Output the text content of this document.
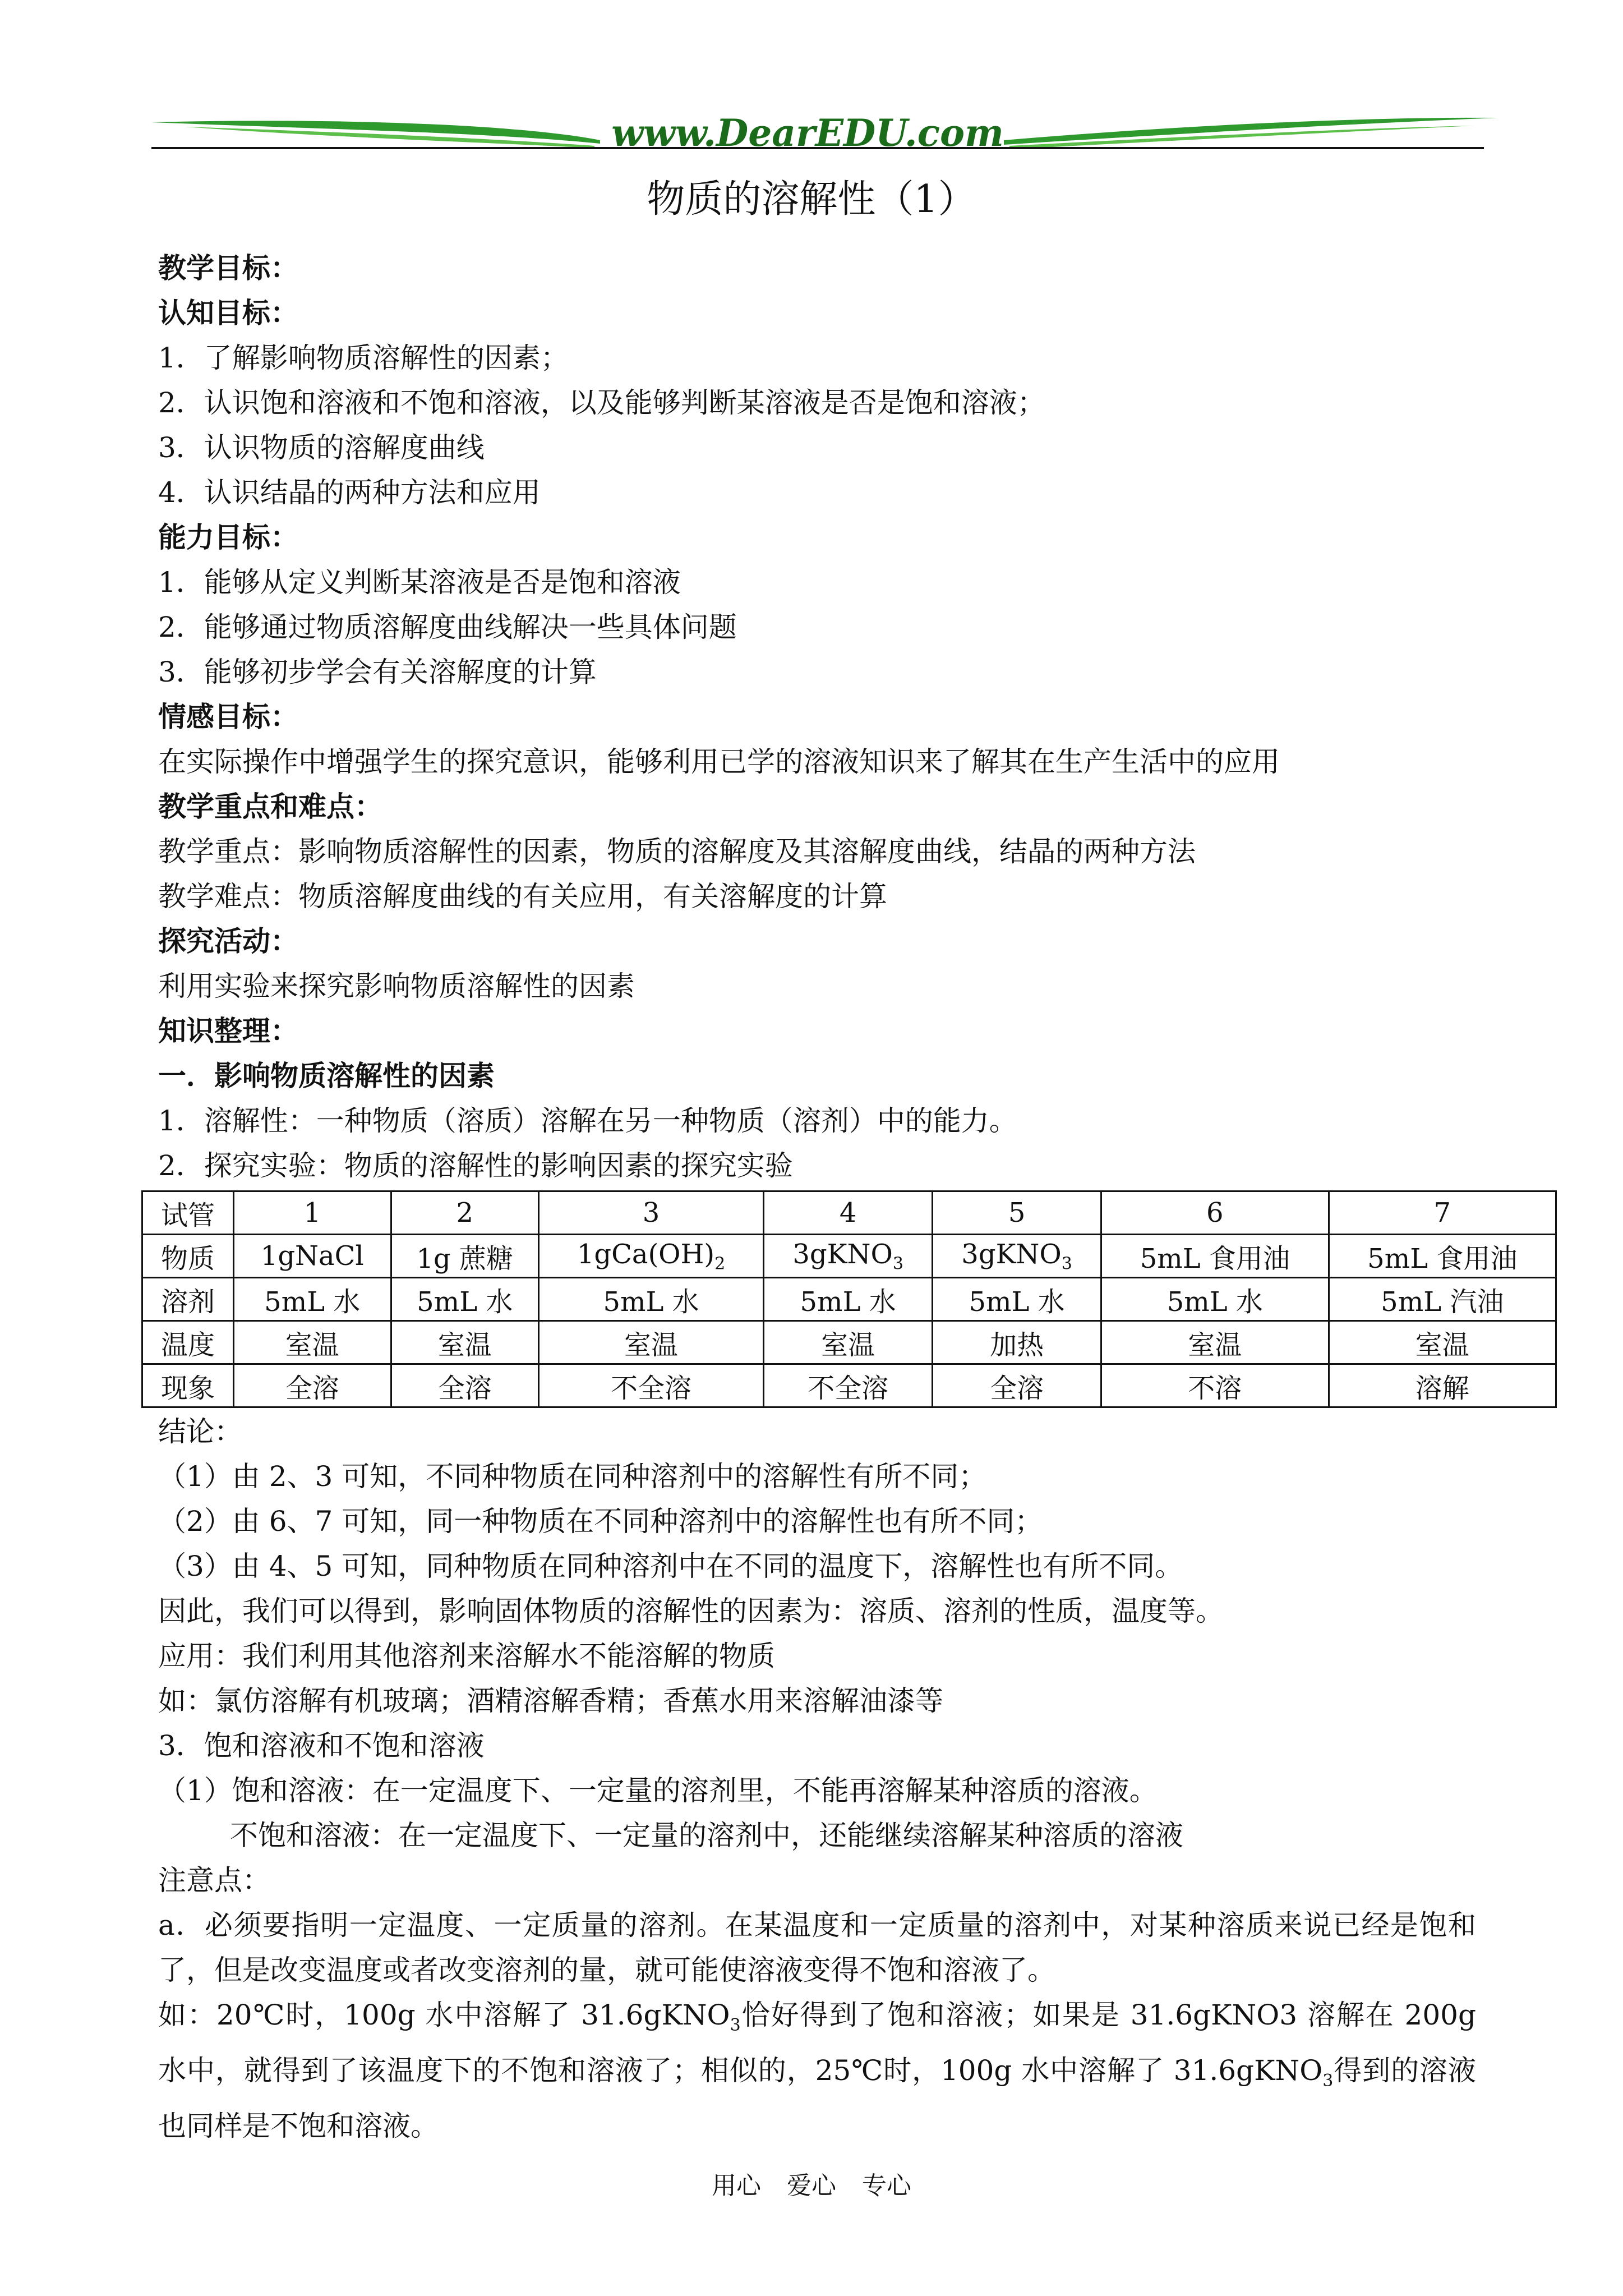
www.DearEDU.com
物质的溶解性（1）
教学目标：
认知目标：
1．了解影响物质溶解性的因素；
2．认识饱和溶液和不饱和溶液，以及能够判断某溶液是否是饱和溶液；
3．认识物质的溶解度曲线
4．认识结晶的两种方法和应用
能力目标：
1．能够从定义判断某溶液是否是饱和溶液
2．能够通过物质溶解度曲线解决一些具体问题
3．能够初步学会有关溶解度的计算
情感目标：
在实际操作中增强学生的探究意识，能够利用已学的溶液知识来了解其在生产生活中的应用
教学重点和难点：
教学重点：影响物质溶解性的因素，物质的溶解度及其溶解度曲线，结晶的两种方法
教学难点：物质溶解度曲线的有关应用，有关溶解度的计算
探究活动：
利用实验来探究影响物质溶解性的因素
知识整理：
一．影响物质溶解性的因素
1．溶解性：一种物质（溶质）溶解在另一种物质（溶剂）中的能力。
2．探究实验：物质的溶解性的影响因素的探究实验
试管	1	2	3	4	5	6	7
物质	1gNaCl	1g 蔗糖	$1gCa(OH)_2$	3gKNO$_3$	3gKNO$_3$	5mL 食用油	5mL 食用油
溶剂	5mL 水	5mL 水	5mL 水	5mL 水	5mL 水	5mL 水	5mL 汽油
温度	室温	室温	室温	室温	加热	室温	室温
现象	全溶	全溶	不全溶	不全溶	全溶	不溶	溶解
结论：
（1）由 2、3 可知，不同种物质在同种溶剂中的溶解性有所不同；
（2）由 6、7 可知，同一种物质在不同种溶剂中的溶解性也有所不同；
（3）由 4、5 可知，同种物质在同种溶剂中在不同的温度下，溶解性也有所不同。
因此，我们可以得到，影响固体物质的溶解性的因素为：溶质、溶剂的性质，温度等。
应用：我们利用其他溶剂来溶解水不能溶解的物质
如：氯仿溶解有机玻璃；酒精溶解香精；香蕉水用来溶解油漆等
3．饱和溶液和不饱和溶液
（1）饱和溶液：在一定温度下、一定量的溶剂里，不能再溶解某种溶质的溶液。
不饱和溶液：在一定温度下、一定量的溶剂中，还能继续溶解某种溶质的溶液
注意点：
a．必须要指明一定温度、一定质量的溶剂。在某温度和一定质量的溶剂中，对某种溶质来说已经是饱和了，但是改变温度或者改变溶剂的量，就可能使溶液变得不饱和溶液了。
如：20℃时，100g 水中溶解了 31.6gKNO$_3$恰好得到了饱和溶液；如果是 31.6gKNO3 溶解在 200g 水中，就得到了该温度下的不饱和溶液了；相似的，25℃时，100g 水中溶解了 31.6gKNO$_3$得到的溶液也同样是不饱和溶液。
用心 爱心 专心
